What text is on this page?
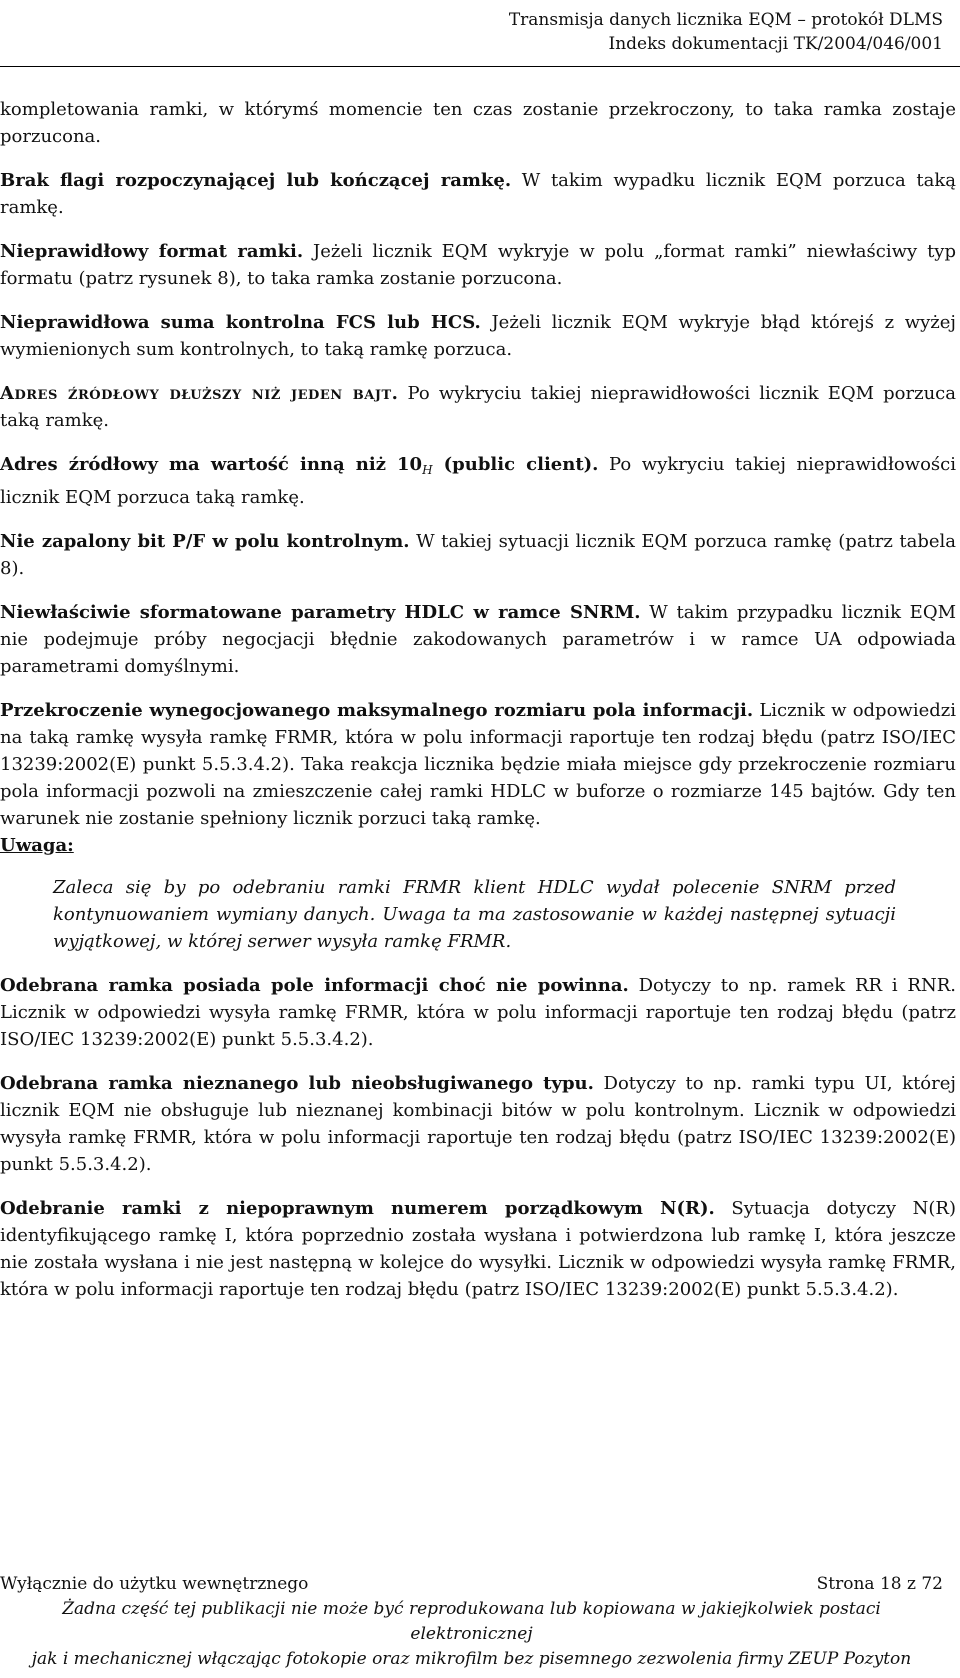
Transmisja danych licznika EQM – protokół DLMS
Indeks dokumentacji TK/2004/046/001

kompletowania ramki, w którymś momencie ten czas zostanie przekroczony, to taka ramka zostaje porzucona.

Brak flagi rozpoczynającej lub kończącej ramkę. W takim wypadku licznik EQM porzuca taką ramkę.

Nieprawidłowy format ramki. Jeżeli licznik EQM wykryje w polu „format ramki” niewłaściwy typ formatu (patrz rysunek 8), to taka ramka zostanie porzucona.

Nieprawidłowa suma kontrolna FCS lub HCS. Jeżeli licznik EQM wykryje błąd którejś z wyżej wymienionych sum kontrolnych, to taką ramkę porzuca.

Adres źródłowy dłuższy niż jeden bajt. Po wykryciu takiej nieprawidłowości licznik EQM porzuca taką ramkę.

Adres źródłowy ma wartość inną niż $10_H$ (public client). Po wykryciu takiej nieprawidłowości licznik EQM porzuca taką ramkę.

Nie zapalony bit P/F w polu kontrolnym. W takiej sytuacji licznik EQM porzuca ramkę (patrz tabela 8).

Niewłaściwie sformatowane parametry HDLC w ramce SNRM. W takim przypadku licznik EQM nie podejmuje próby negocjacji błędnie zakodowanych parametrów i w ramce UA odpowiada parametrami domyślnymi.

Przekroczenie wynegocjowanego maksymalnego rozmiaru pola informacji. Licznik w odpowiedzi na taką ramkę wysyła ramkę FRMR, która w polu informacji raportuje ten rodzaj błędu (patrz ISO/IEC 13239:2002(E) punkt 5.5.3.4.2). Taka reakcja licznika będzie miała miejsce gdy przekroczenie rozmiaru pola informacji pozwoli na zmieszczenie całej ramki HDLC w buforze o rozmiarze 145 bajtów. Gdy ten warunek nie zostanie spełniony licznik porzuci taką ramkę.

Uwaga:

Zaleca się by po odebraniu ramki FRMR klient HDLC wydał polecenie SNRM przed kontynuowaniem wymiany danych. Uwaga ta ma zastosowanie w każdej następnej sytuacji wyjątkowej, w której serwer wysyła ramkę FRMR.

Odebrana ramka posiada pole informacji choć nie powinna. Dotyczy to np. ramek RR i RNR. Licznik w odpowiedzi wysyła ramkę FRMR, która w polu informacji raportuje ten rodzaj błędu (patrz ISO/IEC 13239:2002(E) punkt 5.5.3.4.2).

Odebrana ramka nieznanego lub nieobsługiwanego typu. Dotyczy to np. ramki typu UI, której licznik EQM nie obsługuje lub nieznanej kombinacji bitów w polu kontrolnym. Licznik w odpowiedzi wysyła ramkę FRMR, która w polu informacji raportuje ten rodzaj błędu (patrz ISO/IEC 13239:2002(E) punkt 5.5.3.4.2).

Odebranie ramki z niepoprawnym numerem porządkowym N(R). Sytuacja dotyczy N(R) identyfikującego ramkę I, która poprzednio została wysłana i potwierdzona lub ramkę I, która jeszcze nie została wysłana i nie jest następną w kolejce do wysyłki. Licznik w odpowiedzi wysyła ramkę FRMR, która w polu informacji raportuje ten rodzaj błędu (patrz ISO/IEC 13239:2002(E) punkt 5.5.3.4.2).

Wyłącznie do użytku wewnętrznego	Strona 18 z 72
Żadna część tej publikacji nie może być reprodukowana lub kopiowana w jakiejkolwiek postaci elektronicznej
jak i mechanicznej włączając fotokopie oraz mikrofilm bez pisemnego zezwolenia firmy ZEUP Pozyton
